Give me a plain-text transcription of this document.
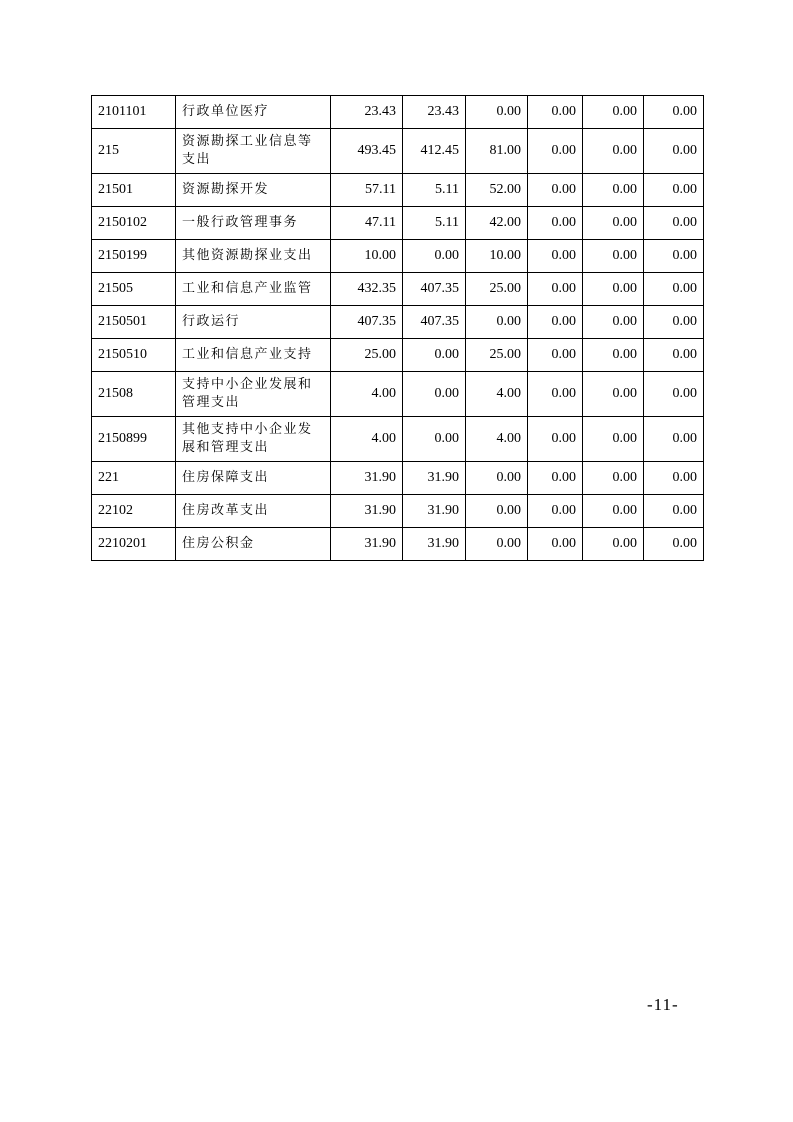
2101101	行政单位医疗	23.43	23.43	0.00	0.00	0.00	0.00
215	资源勘探工业信息等支出	493.45	412.45	81.00	0.00	0.00	0.00
21501	资源勘探开发	57.11	5.11	52.00	0.00	0.00	0.00
2150102	一般行政管理事务	47.11	5.11	42.00	0.00	0.00	0.00
2150199	其他资源勘探业支出	10.00	0.00	10.00	0.00	0.00	0.00
21505	工业和信息产业监管	432.35	407.35	25.00	0.00	0.00	0.00
2150501	行政运行	407.35	407.35	0.00	0.00	0.00	0.00
2150510	工业和信息产业支持	25.00	0.00	25.00	0.00	0.00	0.00
21508	支持中小企业发展和管理支出	4.00	0.00	4.00	0.00	0.00	0.00
2150899	其他支持中小企业发展和管理支出	4.00	0.00	4.00	0.00	0.00	0.00
221	住房保障支出	31.90	31.90	0.00	0.00	0.00	0.00
22102	住房改革支出	31.90	31.90	0.00	0.00	0.00	0.00
2210201	住房公积金	31.90	31.90	0.00	0.00	0.00	0.00
-11-
